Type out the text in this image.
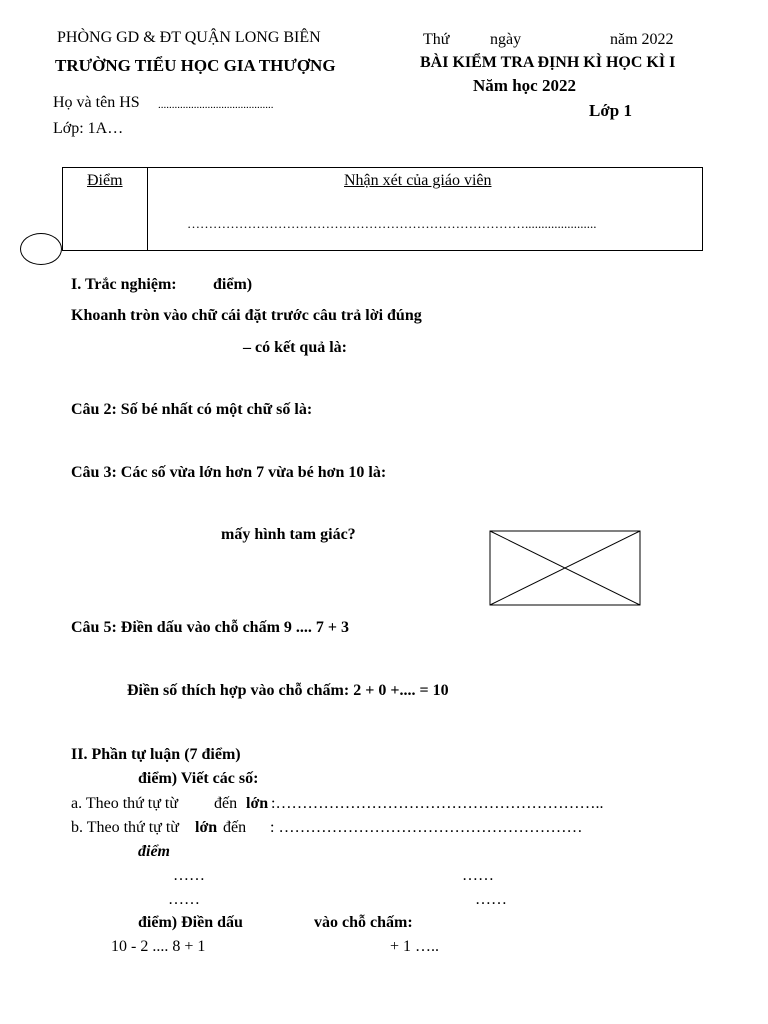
PHÒNG GD & ĐT QUẬN LONG BIÊN
TRƯỜNG TIỂU HỌC GIA THƯỢNG
Thứ	ngày	năm 2022
BÀI KIỂM TRA ĐỊNH KÌ HỌC KÌ I
Năm học 2022
Lớp 1
Họ và tên HS ..........................................
Lớp: 1A…
Điểm	Nhận xét của giáo viên
……………………………………………………………………......................
I. Trắc nghiệm: điểm)
Khoanh tròn vào chữ cái đặt trước câu trả lời đúng
– có kết quả là:
Câu 2: Số bé nhất có một chữ số là:
Câu 3: Các số vừa lớn hơn 7 vừa bé hơn 10 là:
mấy hình tam giác?
Câu 5: Điền dấu vào chỗ chấm 9 .... 7 + 3
Điền số thích hợp vào chỗ chấm: 2 + 0 +.... = 10
II. Phần tự luận (7 điểm)
điểm) Viết các số:
a. Theo thứ tự từ đến lớn :……………………………………………………..
b. Theo thứ tự từ lớn đến : …………………………………………………
điểm
……	……
……	……
điểm) Điền dấu	vào chỗ chấm:
10 - 2 .... 8 + 1	+ 1 …..
